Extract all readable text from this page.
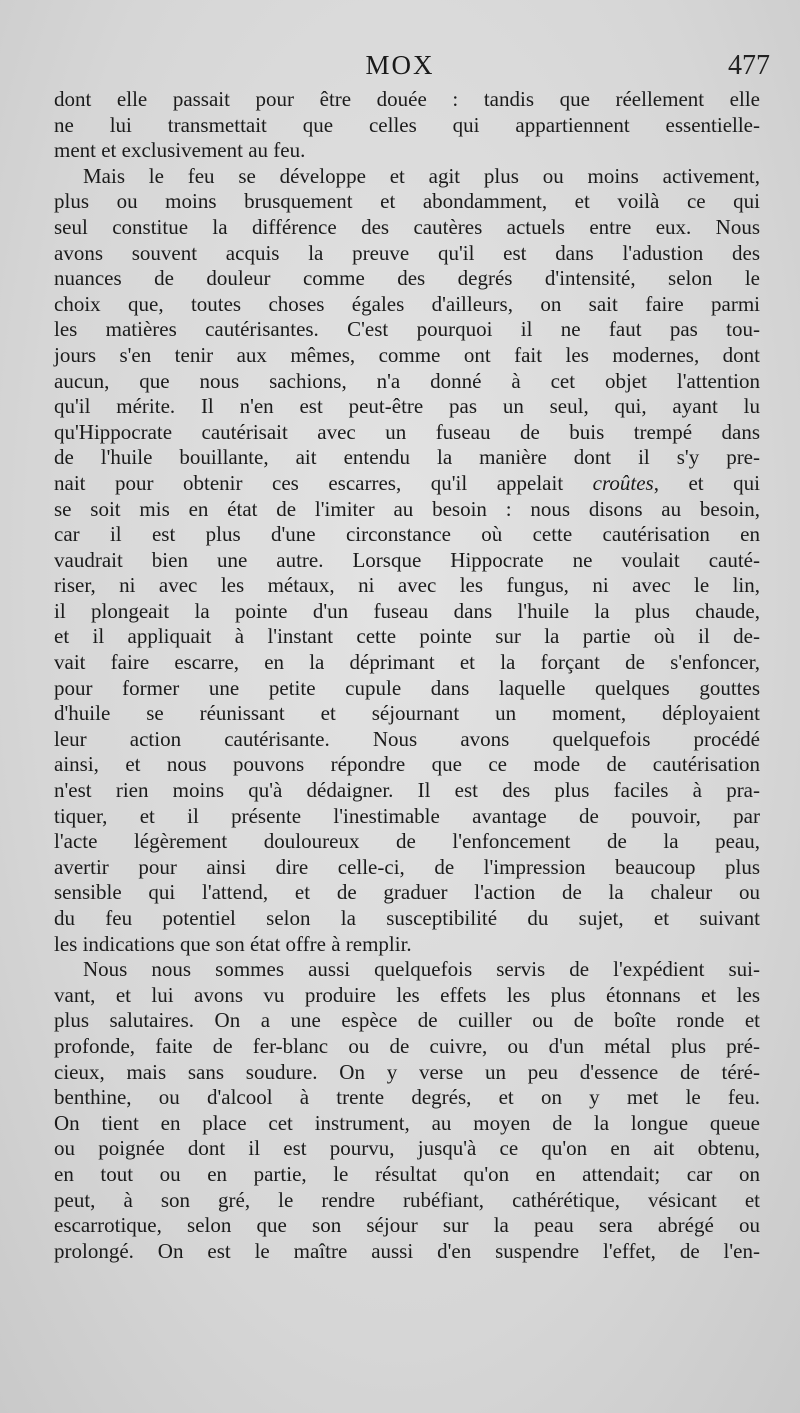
MOX	477
dont elle passait pour être douée : tandis que réellement elle
ne lui transmettait que celles qui appartiennent essentielle-
ment et exclusivement au feu.
Mais le feu se développe et agit plus ou moins activement,
plus ou moins brusquement et abondamment, et voilà ce qui
seul constitue la différence des cautères actuels entre eux. Nous
avons souvent acquis la preuve qu'il est dans l'adustion des
nuances de douleur comme des degrés d'intensité, selon le
choix que, toutes choses égales d'ailleurs, on sait faire parmi
les matières cautérisantes. C'est pourquoi il ne faut pas tou-
jours s'en tenir aux mêmes, comme ont fait les modernes, dont
aucun, que nous sachions, n'a donné à cet objet l'attention
qu'il mérite. Il n'en est peut-être pas un seul, qui, ayant lu
qu'Hippocrate cautérisait avec un fuseau de buis trempé dans
de l'huile bouillante, ait entendu la manière dont il s'y pre-
nait pour obtenir ces escarres, qu'il appelait croûtes, et qui
se soit mis en état de l'imiter au besoin : nous disons au besoin,
car il est plus d'une circonstance où cette cautérisation en
vaudrait bien une autre. Lorsque Hippocrate ne voulait cauté-
riser, ni avec les métaux, ni avec les fungus, ni avec le lin,
il plongeait la pointe d'un fuseau dans l'huile la plus chaude,
et il appliquait à l'instant cette pointe sur la partie où il de-
vait faire escarre, en la déprimant et la forçant de s'enfoncer,
pour former une petite cupule dans laquelle quelques gouttes
d'huile se réunissant et séjournant un moment, déployaient
leur action cautérisante. Nous avons quelquefois procédé
ainsi, et nous pouvons répondre que ce mode de cautérisation
n'est rien moins qu'à dédaigner. Il est des plus faciles à pra-
tiquer, et il présente l'inestimable avantage de pouvoir, par
l'acte légèrement douloureux de l'enfoncement de la peau,
avertir pour ainsi dire celle-ci, de l'impression beaucoup plus
sensible qui l'attend, et de graduer l'action de la chaleur ou
du feu potentiel selon la susceptibilité du sujet, et suivant
les indications que son état offre à remplir.
Nous nous sommes aussi quelquefois servis de l'expédient sui-
vant, et lui avons vu produire les effets les plus étonnans et les
plus salutaires. On a une espèce de cuiller ou de boîte ronde et
profonde, faite de fer-blanc ou de cuivre, ou d'un métal plus pré-
cieux, mais sans soudure. On y verse un peu d'essence de téré-
benthine, ou d'alcool à trente degrés, et on y met le feu.
On tient en place cet instrument, au moyen de la longue queue
ou poignée dont il est pourvu, jusqu'à ce qu'on en ait obtenu,
en tout ou en partie, le résultat qu'on en attendait; car on
peut, à son gré, le rendre rubéfiant, cathérétique, vésicant et
escarrotique, selon que son séjour sur la peau sera abrégé ou
prolongé. On est le maître aussi d'en suspendre l'effet, de l'en-
